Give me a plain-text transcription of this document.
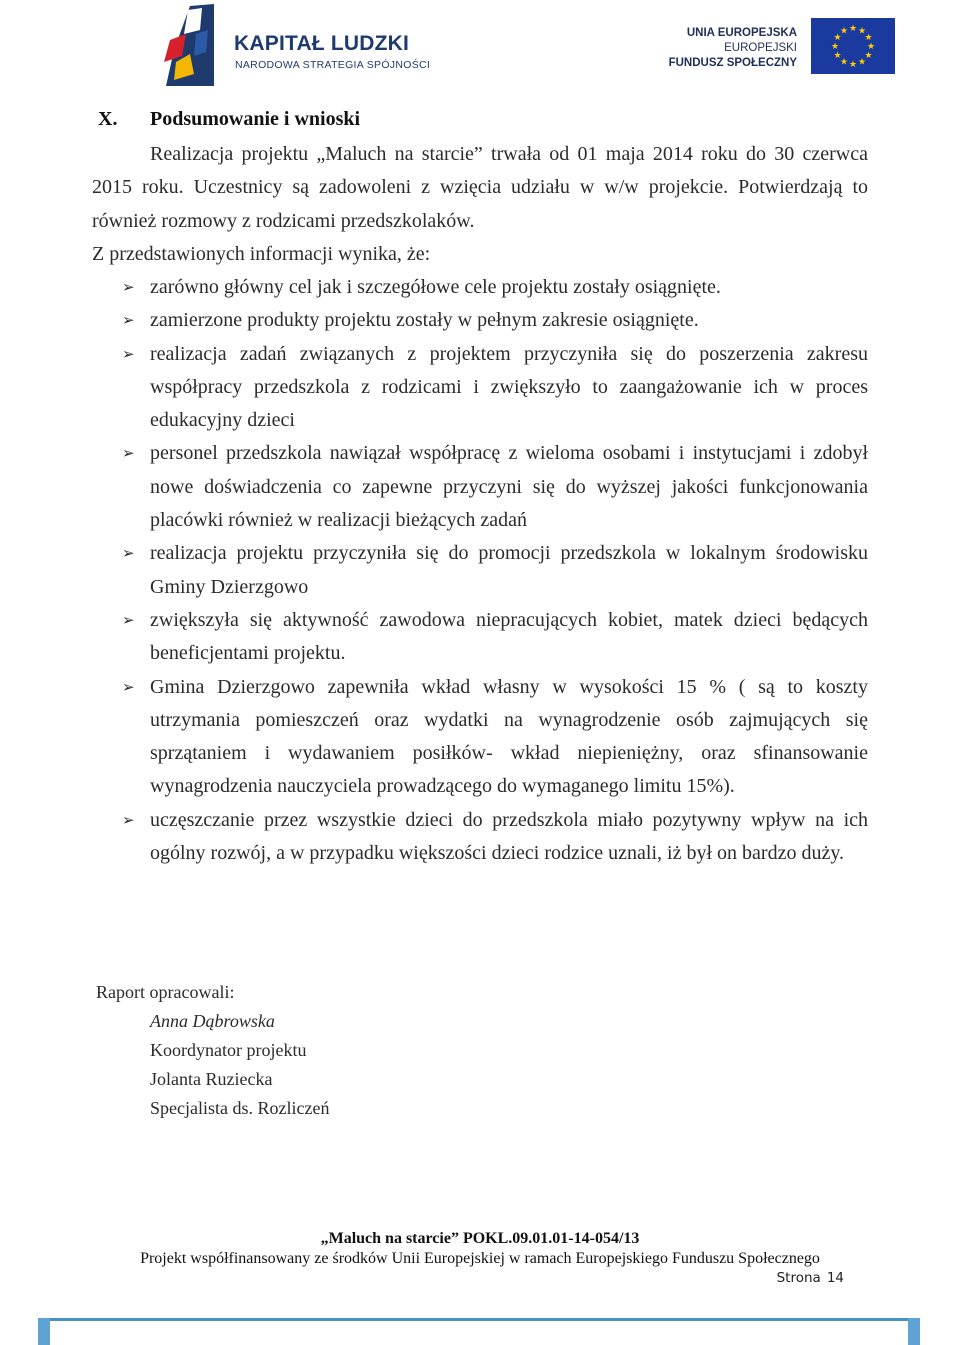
KAPITAŁ LUDZKI
NARODOWA STRATEGIA SPÓJNOŚCI
UNIA EUROPEJSKA
EUROPEJSKI
FUNDUSZ SPOŁECZNY
★ ★
★
★
★
★
★
★
★
★
★
★
X. Podsumowanie i wnioski
Realizacja projektu „Maluch na starcie” trwała od 01 maja 2014 roku do 30 czerwca 2015 roku. Uczestnicy są zadowoleni z wzięcia udziału w w/w projekcie. Potwierdzają to również rozmowy z rodzicami przedszkolaków.
Z przedstawionych informacji wynika, że:
➢ zarówno główny cel jak i szczegółowe cele projektu zostały osiągnięte.
➢ zamierzone produkty projektu zostały w pełnym zakresie osiągnięte.
➢ realizacja zadań związanych z projektem przyczyniła się do poszerzenia zakresu współpracy przedszkola z rodzicami i zwiększyło to zaangażowanie ich w proces edukacyjny dzieci
➢ personel przedszkola nawiązał współpracę z wieloma osobami i instytucjami i zdobył nowe doświadczenia co zapewne przyczyni się do wyższej jakości funkcjonowania placówki również w realizacji bieżących zadań
➢ realizacja projektu przyczyniła się do promocji przedszkola w lokalnym środowisku Gminy Dzierzgowo
➢ zwiększyła się aktywność zawodowa niepracujących kobiet, matek dzieci będących beneficjentami projektu.
➢ Gmina Dzierzgowo zapewniła wkład własny w wysokości 15 % ( są to koszty utrzymania pomieszczeń oraz wydatki na wynagrodzenie osób zajmujących się sprzątaniem i wydawaniem posiłków- wkład niepieniężny, oraz sfinansowanie wynagrodzenia nauczyciela prowadzącego do wymaganego limitu 15%).
➢ uczęszczanie przez wszystkie dzieci do przedszkola miało pozytywny wpływ na ich ogólny rozwój, a w przypadku większości dzieci rodzice uznali, iż był on bardzo duży.
Raport opracowali:
Anna Dąbrowska
Koordynator projektu
Jolanta Ruziecka
Specjalista ds. Rozliczeń
„Maluch na starcie” POKL.09.01.01-14-054/13
Projekt współfinansowany ze środków Unii Europejskiej w ramach Europejskiego Funduszu Społecznego
Strona 14
